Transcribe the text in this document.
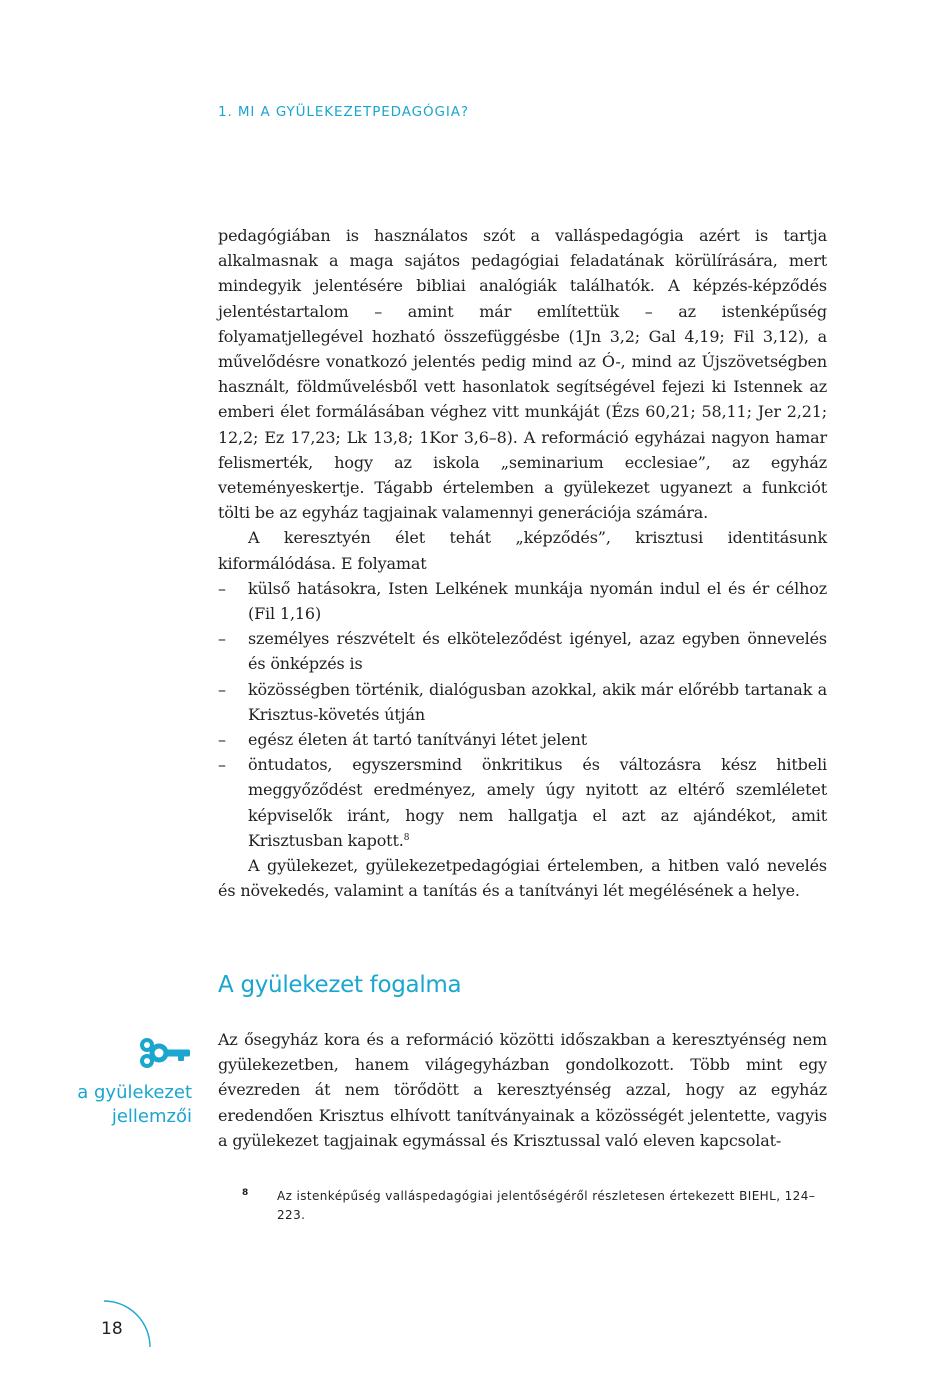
1. MI A GYÜLEKEZETPEDAGÓGIA?

pedagógiában is használatos szót a valláspedagógia azért is tartja alkalmasnak a maga sajátos pedagógiai feladatának körülírására, mert mindegyik jelentésére bibliai analógiák találhatók. A képzés-képződés jelentéstartalom – amint már említettük – az istenképűség folyamatjellegével hozható összefüggésbe (1Jn 3,2; Gal 4,19; Fil 3,12), a művelődésre vonatkozó jelentés pedig mind az Ó-, mind az Újszövetségben használt, földművelésből vett hasonlatok segítségével fejezi ki Istennek az emberi élet formálásában véghez vitt munkáját (Ézs 60,21; 58,11; Jer 2,21; 12,2; Ez 17,23; Lk 13,8; 1Kor 3,6–8). A reformáció egyházai nagyon hamar felismerték, hogy az iskola „seminarium ecclesiae”, az egyház veteményeskertje. Tágabb értelemben a gyülekezet ugyanezt a funkciót tölti be az egyház tagjainak valamennyi generációja számára.

A keresztyén élet tehát „képződés”, krisztusi identitásunk kiformálódása. E folyamat

– külső hatásokra, Isten Lelkének munkája nyomán indul el és ér célhoz (Fil 1,16)
– személyes részvételt és elköteleződést igényel, azaz egyben önnevelés és önképzés is
– közösségben történik, dialógusban azokkal, akik már előrébb tartanak a Krisztus-követés útján
– egész életen át tartó tanítványi létet jelent
– öntudatos, egyszersmind önkritikus és változásra kész hitbeli meggyőződést eredményez, amely úgy nyitott az eltérő szemléletet képviselők iránt, hogy nem hallgatja el azt az ajándékot, amit Krisztusban kapott.$^8$

A gyülekezet, gyülekezetpedagógiai értelemben, a hitben való nevelés és növekedés, valamint a tanítás és a tanítványi lét megélésének a helye.

A gyülekezet fogalma
a gyülekezet
jellemzői

Az ősegyház kora és a reformáció közötti időszakban a keresztyénség nem gyülekezetben, hanem világegyházban gondolkozott. Több mint egy évezreden át nem törődött a keresztyénség azzal, hogy az egyház eredendően Krisztus elhívott tanítványainak a közösségét jelentette, vagyis a gyülekezet tagjainak egymással és Krisztussal való eleven kapcsolat-

8 Az istenképűség valláspedagógiai jelentőségéről részletesen értekezett BIEHL, 124–223.
18
